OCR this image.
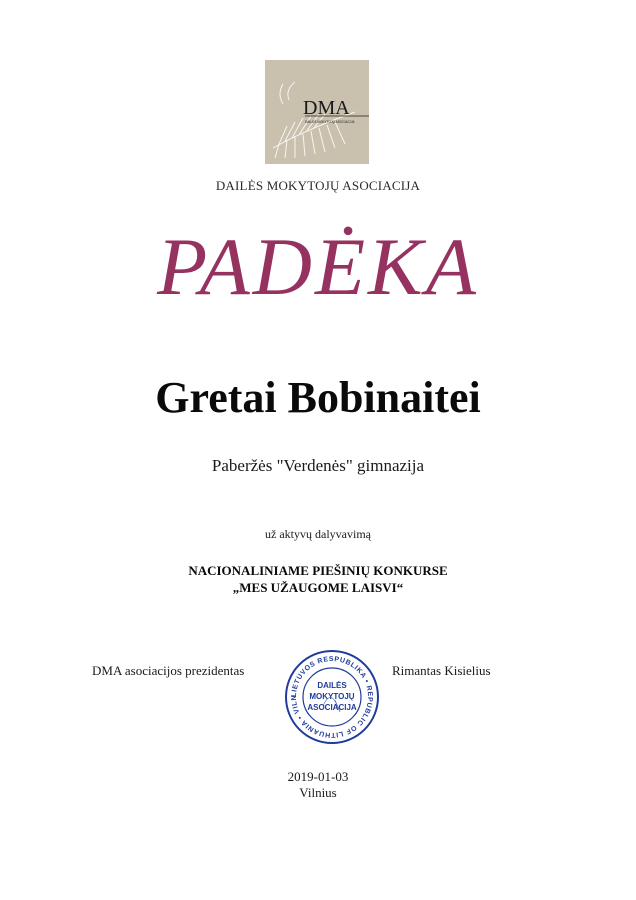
DMA
DAILĖS MOKYTOJŲ ASOCIACIJA
DAILĖS MOKYTOJŲ ASOCIACIJA
PADĖKA
Gretai Bobinaitei
Paberžės "Verdenės" gimnazija
už aktyvų dalyvavimą
NACIONALINIAME PIEŠINIŲ KONKURSE
„MES UŽAUGOME LAISVI“
DMA asociacijos prezidentas
LIETUVOS RESPUBLIKA • REPUBLIC OF LITHUANIA • VILN
DAILĖS
MOKYTOJŲ
ASOCIACIJA
Rimantas Kisielius
2019-01-03
Vilnius
